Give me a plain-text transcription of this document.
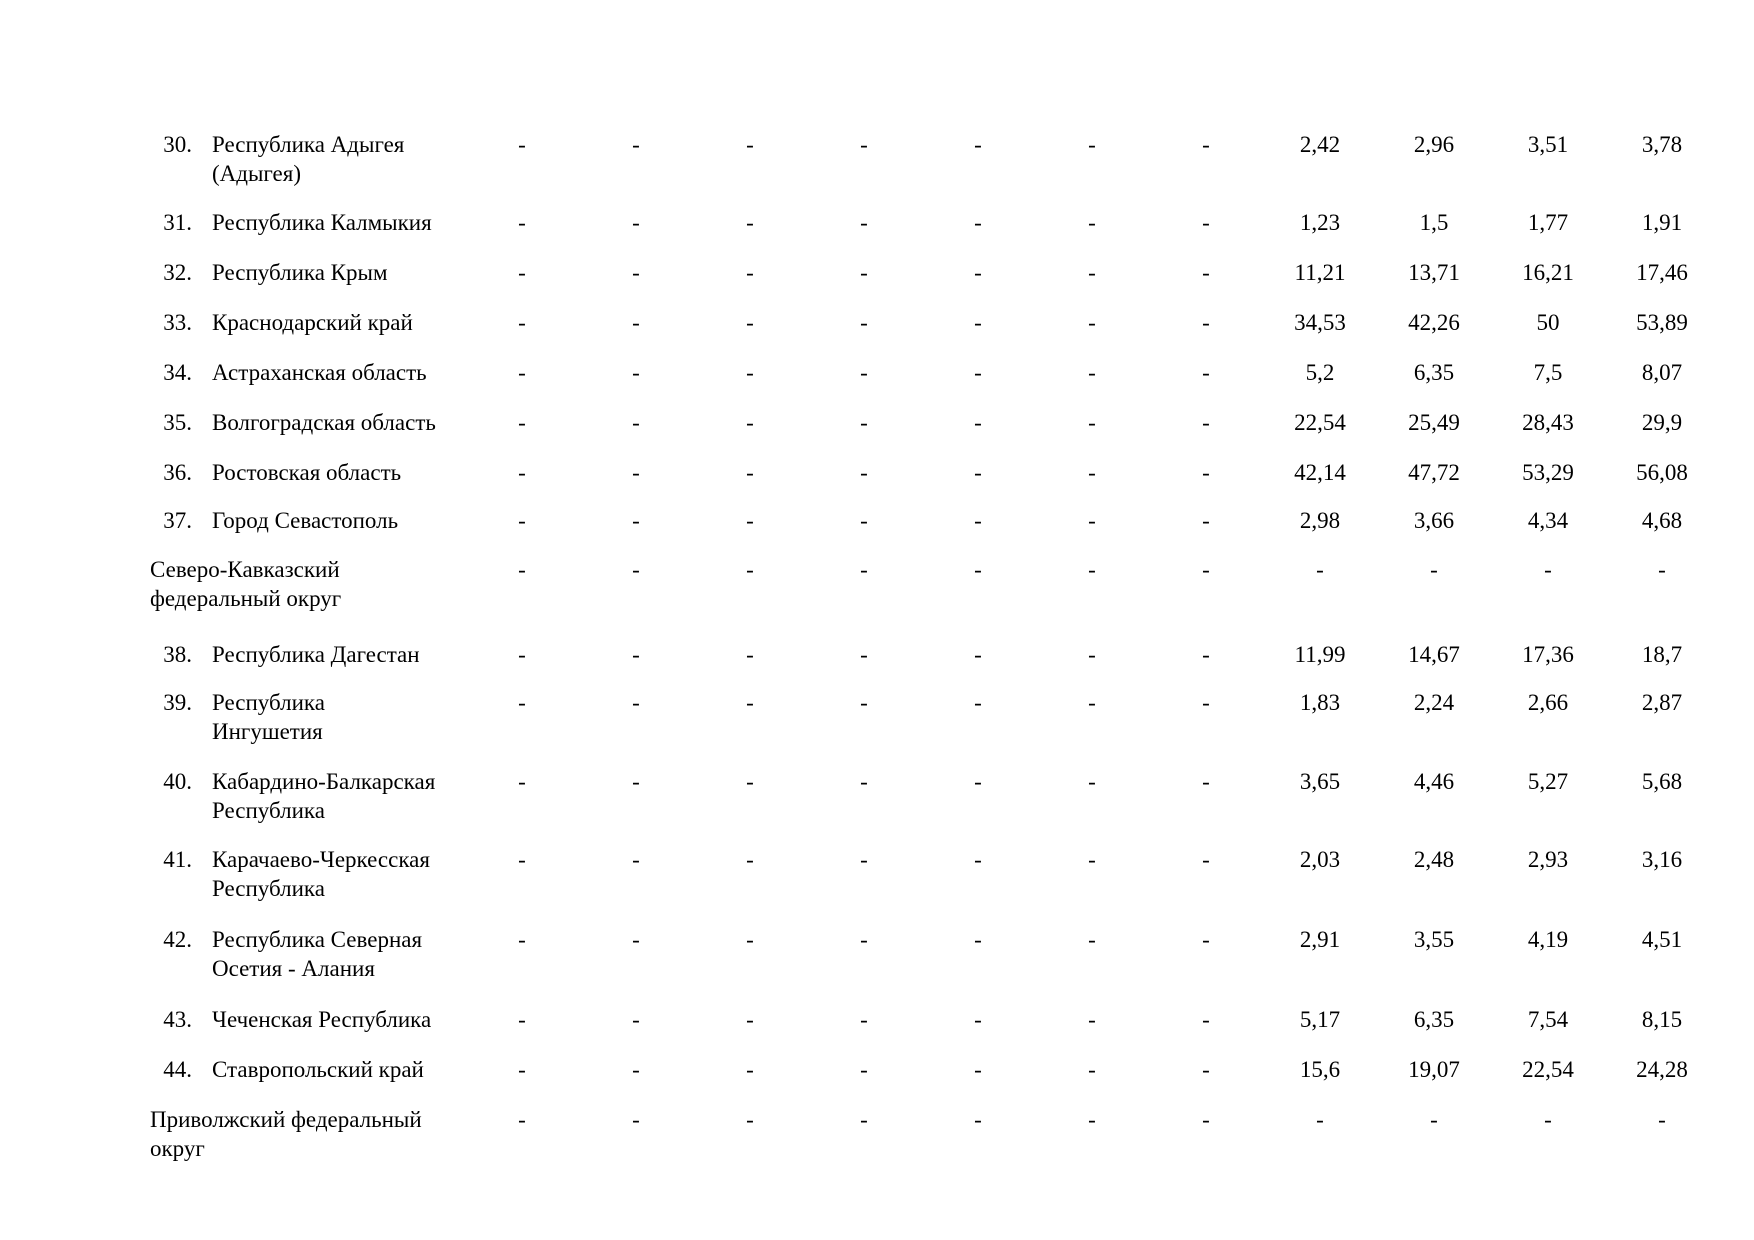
30. Республика Адыгея
(Адыгея)
-	-	-	-	-	-	-	2,42	2,96	3,51	3,78
31. Республика Калмыкия	-	-	-	-	-	-	-	1,23	1,5	1,77	1,91
32. Республика Крым	-	-	-	-	-	-	-	11,21	13,71	16,21	17,46
33. Краснодарский край	-	-	-	-	-	-	-	34,53	42,26	50	53,89
34. Астраханская область	-	-	-	-	-	-	-	5,2	6,35	7,5	8,07
35. Волгоградская область	-	-	-	-	-	-	-	22,54	25,49	28,43	29,9
36. Ростовская область	-	-	-	-	-	-	-	42,14	47,72	53,29	56,08
37. Город Севастополь	-	-	-	-	-	-	-	2,98	3,66	4,34	4,68
Северо-Кавказский
федеральный округ
-	-	-	-	-	-	-	-	-	-	-
38. Республика Дагестан	-	-	-	-	-	-	-	11,99	14,67	17,36	18,7
39. Республика
Ингушетия
-	-	-	-	-	-	-	1,83	2,24	2,66	2,87
40. Кабардино-Балкарская
Республика
-	-	-	-	-	-	-	3,65	4,46	5,27	5,68
41. Карачаево-Черкесская
Республика
-	-	-	-	-	-	-	2,03	2,48	2,93	3,16
42. Республика Северная
Осетия - Алания
-	-	-	-	-	-	-	2,91	3,55	4,19	4,51
43. Чеченская Республика	-	-	-	-	-	-	-	5,17	6,35	7,54	8,15
44. Ставропольский край	-	-	-	-	-	-	-	15,6	19,07	22,54	24,28
Приволжский федеральный
округ
-	-	-	-	-	-	-	-	-	-	-
